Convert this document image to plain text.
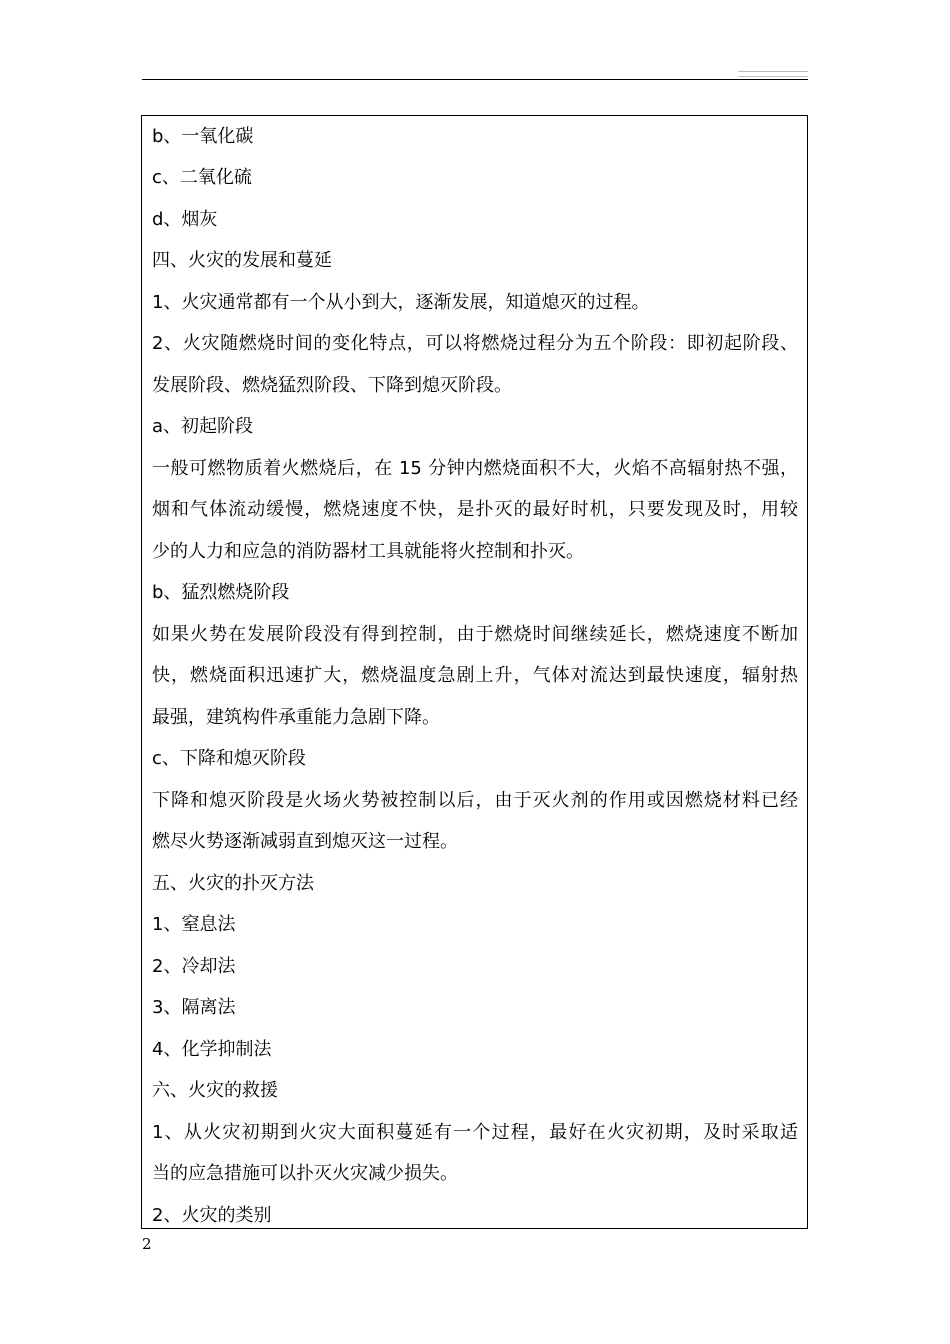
b、一氧化碳
c、二氧化硫
d、烟灰
四、火灾的发展和蔓延
1、火灾通常都有一个从小到大，逐渐发展，知道熄灭的过程。
2、火灾随燃烧时间的变化特点，可以将燃烧过程分为五个阶段：即初起阶段、
发展阶段、燃烧猛烈阶段、下降到熄灭阶段。
a、初起阶段
一般可燃物质着火燃烧后，在 15 分钟内燃烧面积不大，火焰不高辐射热不强，
烟和气体流动缓慢，燃烧速度不快，是扑灭的最好时机，只要发现及时，用较
少的人力和应急的消防器材工具就能将火控制和扑灭。
b、猛烈燃烧阶段
如果火势在发展阶段没有得到控制，由于燃烧时间继续延长，燃烧速度不断加
快，燃烧面积迅速扩大，燃烧温度急剧上升，气体对流达到最快速度，辐射热
最强，建筑构件承重能力急剧下降。
c、下降和熄灭阶段
下降和熄灭阶段是火场火势被控制以后，由于灭火剂的作用或因燃烧材料已经
燃尽火势逐渐减弱直到熄灭这一过程。
五、火灾的扑灭方法
1、窒息法
2、冷却法
3、隔离法
4、化学抑制法
六、火灾的救援
1、从火灾初期到火灾大面积蔓延有一个过程，最好在火灾初期，及时采取适
当的应急措施可以扑灭火灾减少损失。
2、火灾的类别
2
